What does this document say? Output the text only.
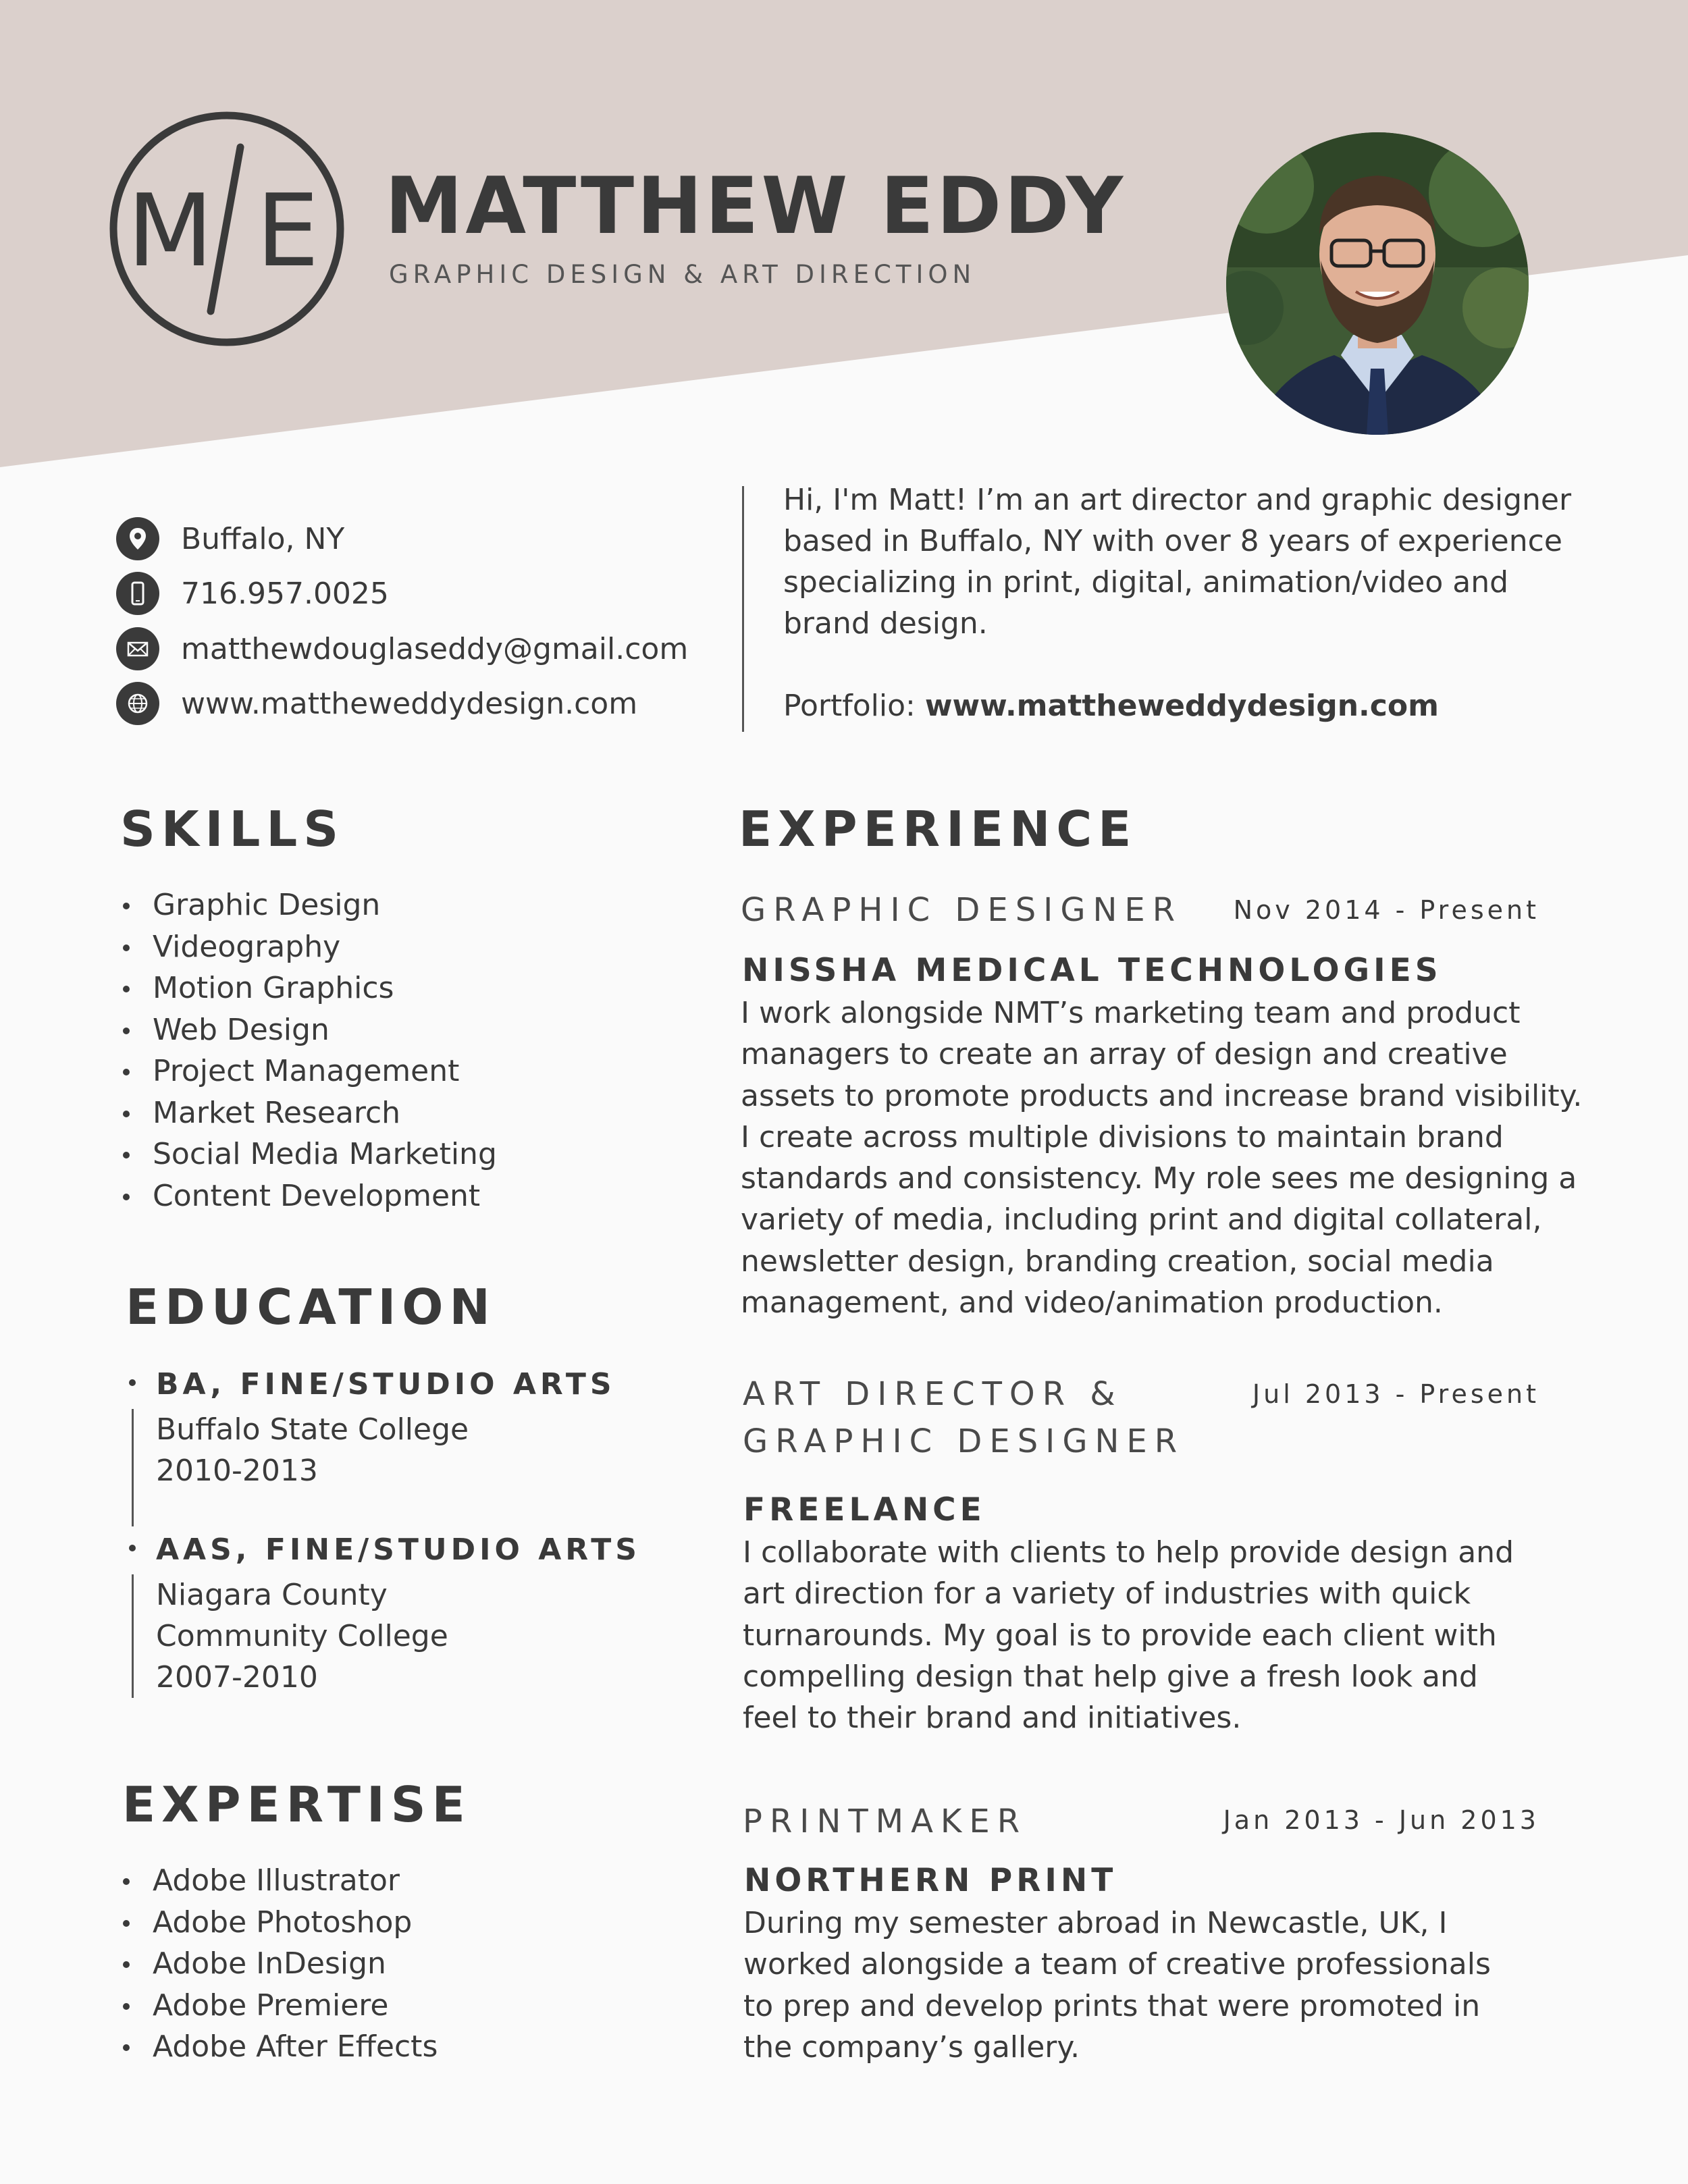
M E MATTHEW EDDY
GRAPHIC DESIGN & ART DIRECTION
Buffalo, NY
716.957.0025
matthewdouglaseddy@gmail.com
www.mattheweddydesign.com

Hi, I'm Matt! I’m an art director and graphic designer based in Buffalo, NY with over 8 years of experience specializing in print, digital, animation/video and brand design.

Portfolio: www.mattheweddydesign.com

SKILLS
Graphic Design
Videography
Motion Graphics
Web Design
Project Management
Market Research
Social Media Marketing
Content Development
EDUCATION
BA, FINE/STUDIO ARTS
Buffalo State College
2010-2013
AAS, FINE/STUDIO ARTS
Niagara County
Community College
2007-2010
EXPERTISE
Adobe Illustrator
Adobe Photoshop
Adobe InDesign
Adobe Premiere
Adobe After Effects
EXPERIENCE
GRAPHIC DESIGNER Nov 2014 - Present
NISSHA MEDICAL TECHNOLOGIES

I work alongside NMT’s marketing team and product managers to create an array of design and creative assets to promote products and increase brand visibility. I create across multiple divisions to maintain brand standards and consistency. My role sees me designing a variety of media, including print and digital collateral, newsletter design, branding creation, social media management, and video/animation production.

ART DIRECTOR &
GRAPHIC DESIGNER
Jul 2013 - Present
FREELANCE

I collaborate with clients to help provide design and art direction for a variety of industries with quick turnarounds. My goal is to provide each client with compelling design that help give a fresh look and feel to their brand and initiatives.

PRINTMAKER	Jan 2013 - Jun 2013
NORTHERN PRINT

During my semester abroad in Newcastle, UK, I worked alongside a team of creative professionals to prep and develop prints that were promoted in the company’s gallery.
